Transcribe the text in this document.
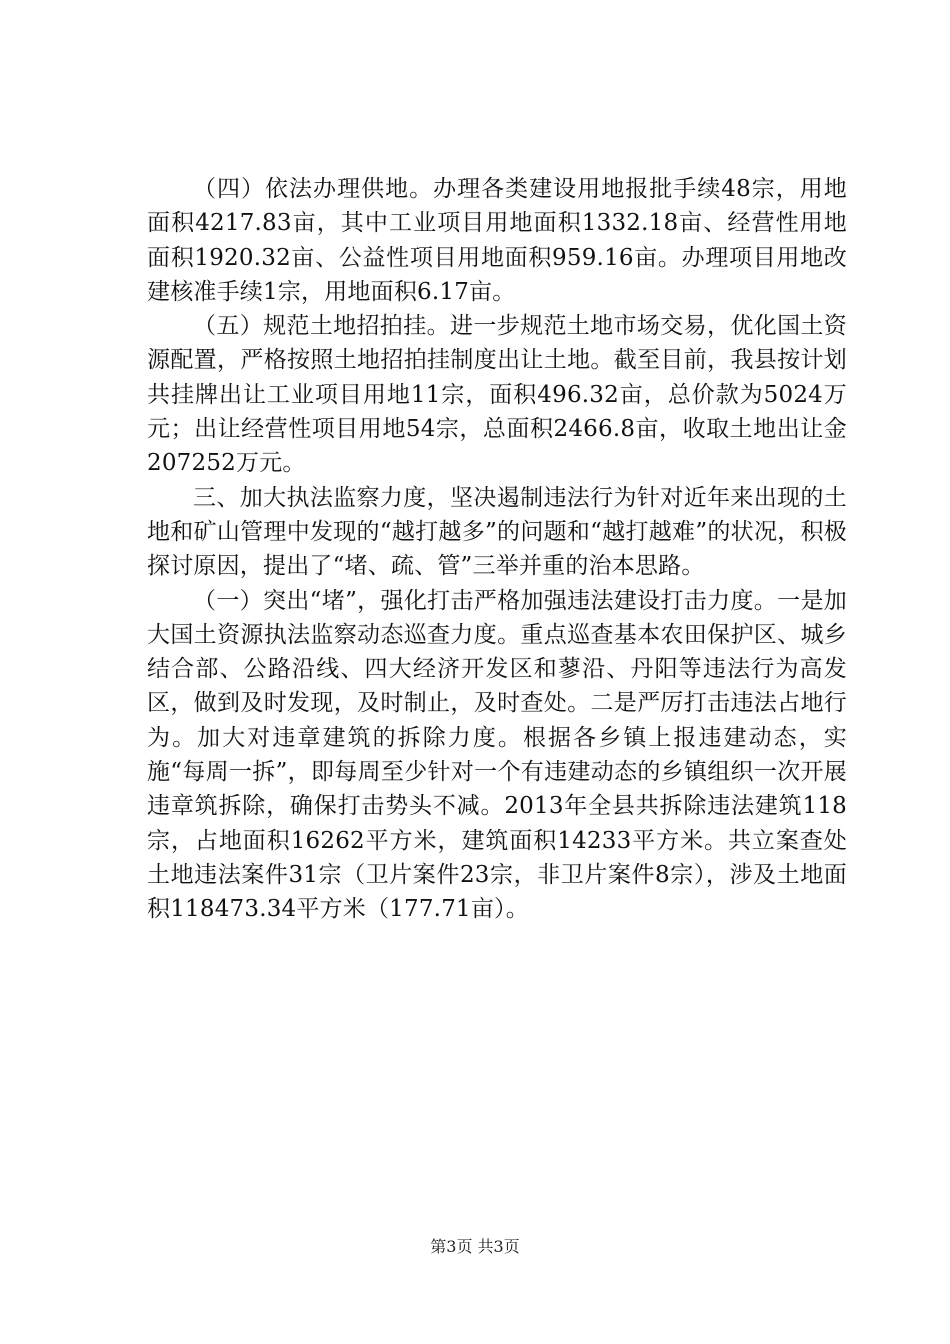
（四）依法办理供地。办理各类建设用地报批手续48宗，用地面积4217.83亩，其中工业项目用地面积1332.18亩、经营性用地面积1920.32亩、公益性项目用地面积959.16亩。办理项目用地改建核准手续1宗，用地面积6.17亩。

（五）规范土地招拍挂。进一步规范土地市场交易，优化国土资源配置，严格按照土地招拍挂制度出让土地。截至目前，我县按计划共挂牌出让工业项目用地11宗，面积496.32亩，总价款为5024万元；出让经营性项目用地54宗，总面积2466.8亩，收取土地出让金207252万元。

三、加大执法监察力度，坚决遏制违法行为针对近年来出现的土地和矿山管理中发现的“越打越多”的问题和“越打越难”的状况，积极探讨原因，提出了“堵、疏、管”三举并重的治本思路。

（一）突出“堵”，强化打击严格加强违法建设打击力度。一是加大国土资源执法监察动态巡查力度。重点巡查基本农田保护区、城乡结合部、公路沿线、四大经济开发区和蓼沿、丹阳等违法行为高发区，做到及时发现，及时制止，及时查处。二是严厉打击违法占地行为。加大对违章建筑的拆除力度。根据各乡镇上报违建动态，实施“每周一拆”，即每周至少针对一个有违建动态的乡镇组织一次开展违章筑拆除，确保打击势头不减。2013年全县共拆除违法建筑118宗，占地面积16262平方米，建筑面积14233平方米。共立案查处土地违法案件31宗（卫片案件23宗，非卫片案件8宗），涉及土地面积118473.34平方米（177.71亩）。

第3页 共3页
